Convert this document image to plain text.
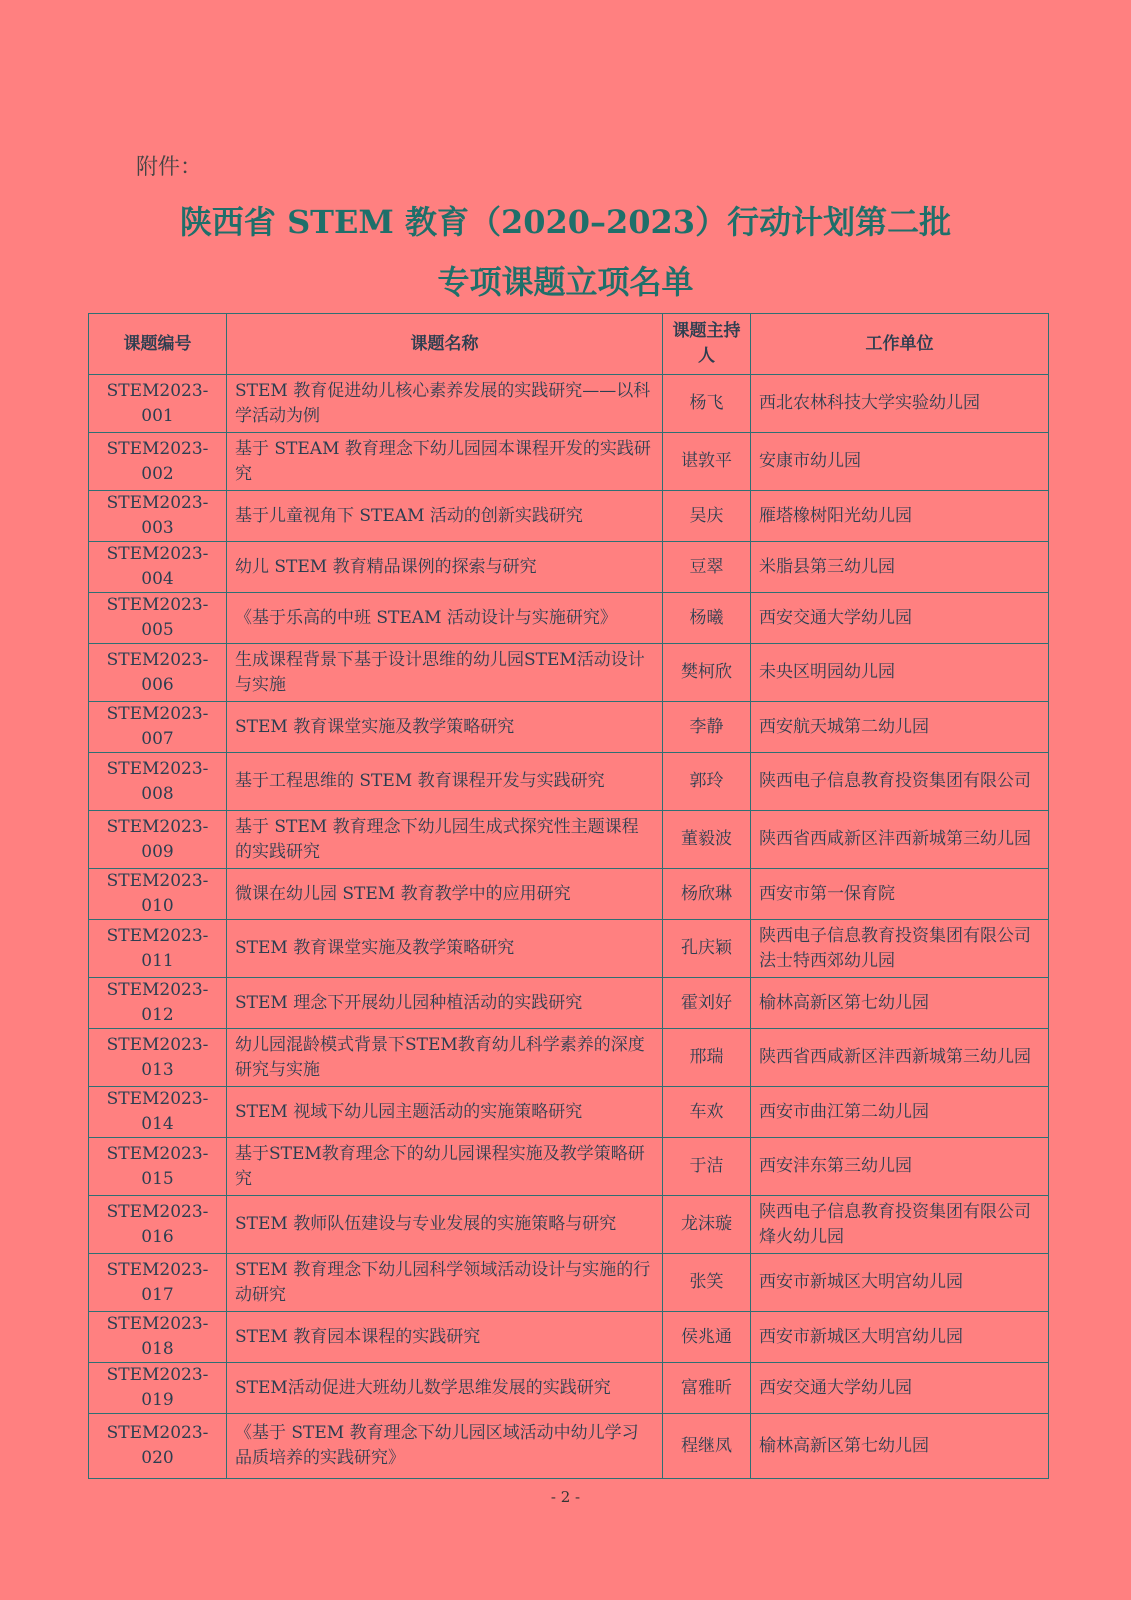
附件：
陕西省 STEM 教育（2020–2023）行动计划第二批
专项课题立项名单
课题编号	课题名称	课题主持人	工作单位
STEM2023-001	STEM 教育促进幼儿核心素养发展的实践研究——以科学活动为例	杨飞	西北农林科技大学实验幼儿园
STEM2023-002	基于 STEAM 教育理念下幼儿园园本课程开发的实践研究	谌敦平	安康市幼儿园
STEM2023-003	基于儿童视角下 STEAM 活动的创新实践研究	吴庆	雁塔橡树阳光幼儿园
STEM2023-004	幼儿 STEM 教育精品课例的探索与研究	豆翠	米脂县第三幼儿园
STEM2023-005	《基于乐高的中班 STEAM 活动设计与实施研究》	杨曦	西安交通大学幼儿园
STEM2023-006	生成课程背景下基于设计思维的幼儿园STEM活动设计与实施	樊柯欣	未央区明园幼儿园
STEM2023-007	STEM 教育课堂实施及教学策略研究	李静	西安航天城第二幼儿园
STEM2023-008	基于工程思维的 STEM 教育课程开发与实践研究	郭玲	陕西电子信息教育投资集团有限公司
STEM2023-009	基于 STEM 教育理念下幼儿园生成式探究性主题课程的实践研究	董毅波	陕西省西咸新区沣西新城第三幼儿园
STEM2023-010	微课在幼儿园 STEM 教育教学中的应用研究	杨欣琳	西安市第一保育院
STEM2023-011	STEM 教育课堂实施及教学策略研究	孔庆颖	陕西电子信息教育投资集团有限公司法士特西郊幼儿园
STEM2023-012	STEM 理念下开展幼儿园种植活动的实践研究	霍刘好	榆林高新区第七幼儿园
STEM2023-013	幼儿园混龄模式背景下STEM教育幼儿科学素养的深度研究与实施	邢瑞	陕西省西咸新区沣西新城第三幼儿园
STEM2023-014	STEM 视域下幼儿园主题活动的实施策略研究	车欢	西安市曲江第二幼儿园
STEM2023-015	基于STEM教育理念下的幼儿园课程实施及教学策略研究	于洁	西安沣东第三幼儿园
STEM2023-016	STEM 教师队伍建设与专业发展的实施策略与研究	龙沫璇	陕西电子信息教育投资集团有限公司烽火幼儿园
STEM2023-017	STEM 教育理念下幼儿园科学领域活动设计与实施的行动研究	张笑	西安市新城区大明宫幼儿园
STEM2023-018	STEM 教育园本课程的实践研究	侯兆通	西安市新城区大明宫幼儿园
STEM2023-019	STEM活动促进大班幼儿数学思维发展的实践研究	富雅昕	西安交通大学幼儿园
STEM2023-020	《基于 STEM 教育理念下幼儿园区域活动中幼儿学习品质培养的实践研究》	程继凤	榆林高新区第七幼儿园
- 2 -
